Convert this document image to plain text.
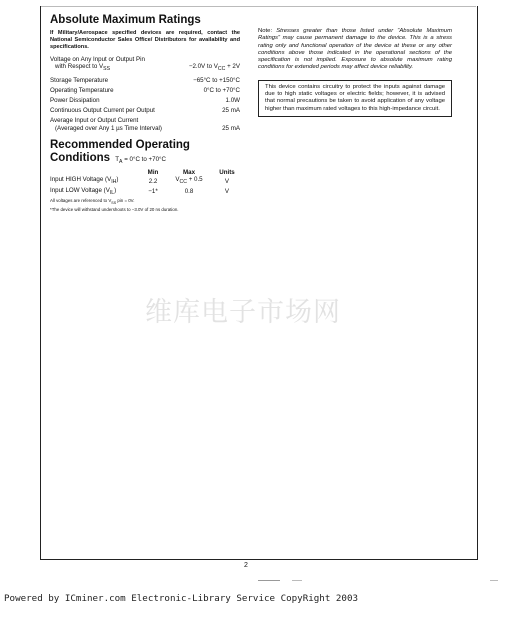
Absolute Maximum Ratings
If Military/Aerospace specified devices are required, contact the National Semiconductor Sales Office/ Distributors for availability and specifications.
Voltage on Any Input or Output Pin
with Respect to $V_{SS}$	−2.0V to $V_{CC} + 2V$
Storage Temperature	−65°C to +150°C
Operating Temperature	0°C to +70°C
Power Dissipation	1.0W
Continuous Output Current per Output	25 mA
Average Input or Output Current
(Averaged over Any 1 µs Time Interval)	25 mA
Recommended Operating
Conditions $T_A = 0^\circ C$ to +70°C
	Min	Max	Units
Input HIGH Voltage $(V_{IH})$	2.2	$V_{CC} + 0.5$	V
Input LOW Voltage $(V_{IL})$	−1*	0.8	V
All voltages are referenced to $V_{SS}$ pin = 0V.
*The device will withstand undershoots to −3.0V of 20 ns duration.
Note: Stresses greater than those listed under “Absolute Maximum Ratings” may cause permanent damage to the device. This is a stress rating only and functional operation of the device at these or any other conditions above those indicated in the operational sections of the specification is not implied. Exposure to absolute maximum rating conditions for extended periods may affect device reliability.
This device contains circuitry to protect the inputs against damage due to high static voltages or electric fields; however, it is advised that normal precautions be taken to avoid application of any voltage higher than maximum rated voltages to this high-impedance circuit.
维库电子市场网
2
Powered by ICminer.com Electronic-Library Service CopyRight 2003
